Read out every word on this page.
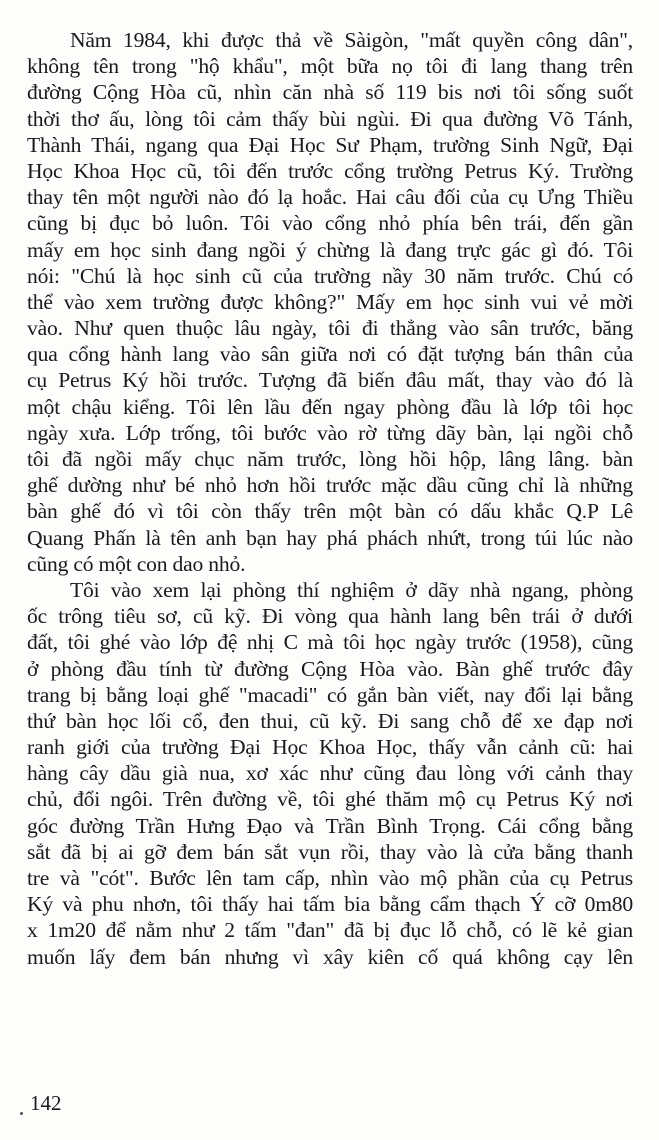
Năm 1984, khi được thả về Sàigòn, "mất quyền công dân",
không tên trong "hộ khẩu", một bữa nọ tôi đi lang thang trên
đường Cộng Hòa cũ, nhìn căn nhà số 119 bis nơi tôi sống suốt
thời thơ ấu, lòng tôi cảm thấy bùi ngùi. Đi qua đường Võ Tánh,
Thành Thái, ngang qua Đại Học Sư Phạm, trường Sinh Ngữ, Đại
Học Khoa Học cũ, tôi đến trước cổng trường Petrus Ký. Trường
thay tên một người nào đó lạ hoắc. Hai câu đối của cụ Ưng Thiều
cũng bị đục bỏ luôn. Tôi vào cổng nhỏ phía bên trái, đến gần
mấy em học sinh đang ngồi ý chừng là đang trực gác gì đó. Tôi
nói: "Chú là học sinh cũ của trường nầy 30 năm trước. Chú có
thể vào xem trường được không?" Mấy em học sinh vui vẻ mời
vào. Như quen thuộc lâu ngày, tôi đi thẳng vào sân trước, băng
qua cổng hành lang vào sân giữa nơi có đặt tượng bán thân của
cụ Petrus Ký hồi trước. Tượng đã biến đâu mất, thay vào đó là
một chậu kiểng. Tôi lên lầu đến ngay phòng đầu là lớp tôi học
ngày xưa. Lớp trống, tôi bước vào rờ từng dãy bàn, lại ngồi chỗ
tôi đã ngồi mấy chục năm trước, lòng hồi hộp, lâng lâng. bàn
ghế dường như bé nhỏ hơn hồi trước mặc dầu cũng chỉ là những
bàn ghế đó vì tôi còn thấy trên một bàn có dấu khắc Q.P Lê
Quang Phấn là tên anh bạn hay phá phách nhứt, trong túi lúc nào
cũng có một con dao nhỏ.
Tôi vào xem lại phòng thí nghiệm ở dãy nhà ngang, phòng
ốc trông tiêu sơ, cũ kỹ. Đi vòng qua hành lang bên trái ở dưới
đất, tôi ghé vào lớp đệ nhị C mà tôi học ngày trước (1958), cũng
ở phòng đầu tính từ đường Cộng Hòa vào. Bàn ghế trước đây
trang bị bằng loại ghế "macadi" có gắn bàn viết, nay đổi lại bằng
thứ bàn học lối cổ, đen thui, cũ kỹ. Đi sang chỗ để xe đạp nơi
ranh giới của trường Đại Học Khoa Học, thấy vẫn cảnh cũ: hai
hàng cây dầu già nua, xơ xác như cũng đau lòng với cảnh thay
chủ, đổi ngôi. Trên đường về, tôi ghé thăm mộ cụ Petrus Ký nơi
góc đường Trần Hưng Đạo và Trần Bình Trọng. Cái cổng bằng
sắt đã bị ai gỡ đem bán sắt vụn rồi, thay vào là cửa bằng thanh
tre và "cót". Bước lên tam cấp, nhìn vào mộ phần của cụ Petrus
Ký và phu nhơn, tôi thấy hai tấm bia bằng cẩm thạch Ý cỡ 0m80
x 1m20 để nằm như 2 tấm "đan" đã bị đục lỗ chỗ, có lẽ kẻ gian
muốn lấy đem bán nhưng vì xây kiên cố quá không cạy lên
142
